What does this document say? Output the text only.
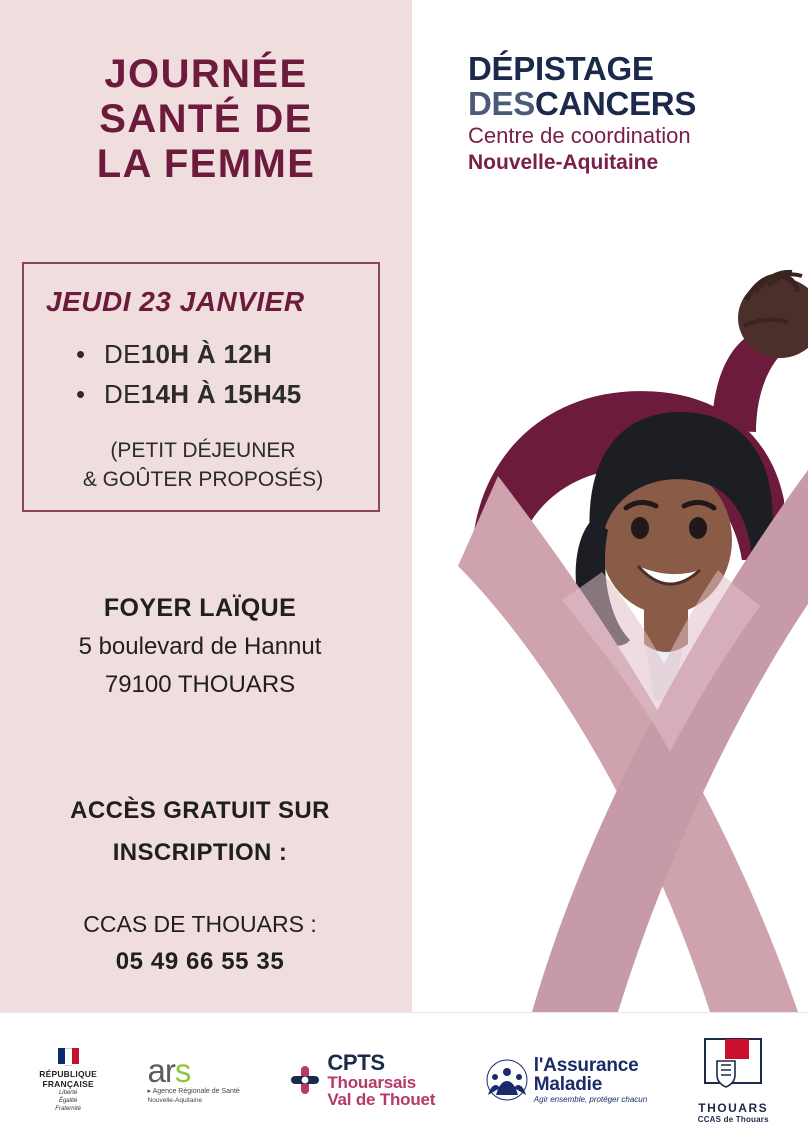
JOURNÉE
SANTÉ DE
LA FEMME
DÉPISTAGE
DESCANCERS
Centre de coordination
Nouvelle-Aquitaine
JEUDI 23 JANVIER
• DE 10H À 12H
• DE 14H À 15H45
(PETIT DÉJEUNER
& GOÛTER PROPOSÉS)
FOYER LAÏQUE
5 boulevard de Hannut
79100 THOUARS
ACCÈS GRATUIT SUR
INSCRIPTION :
CCAS DE THOUARS :
05 49 66 55 35
RÉPUBLIQUE
FRANÇAISE
Liberté
Égalité
Fraternité
ars
▸ Agence Régionale de Santé
Nouvelle-Aquitaine
CPTS
Thouarsais
Val de Thouet
l'Assurance
Maladie
Agir ensemble, protéger chacun
THOUARS
CCAS de Thouars
